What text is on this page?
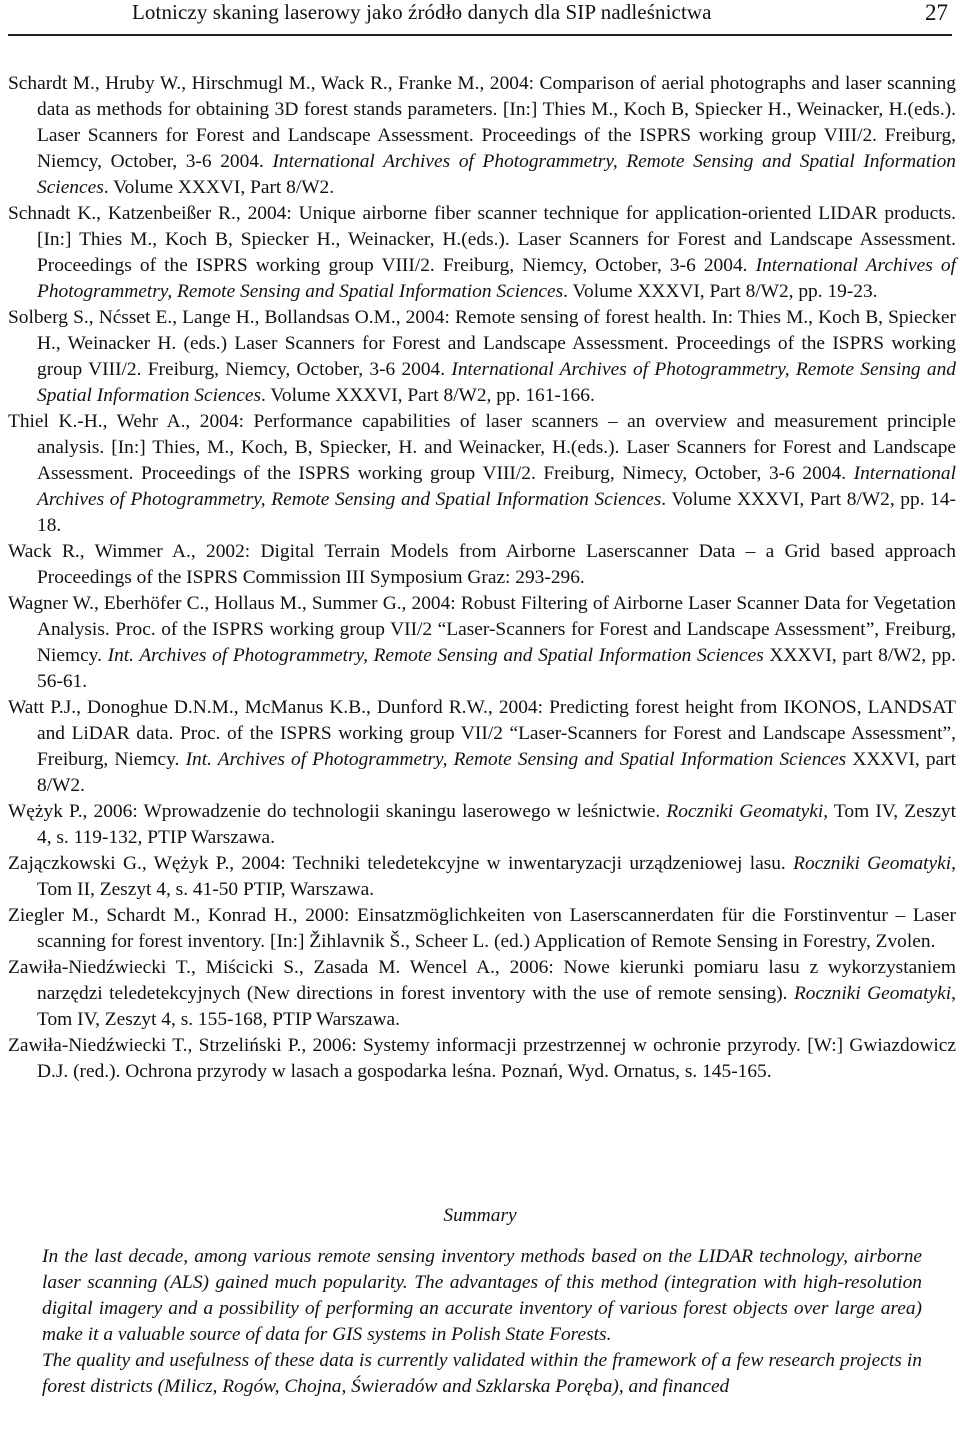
Lotniczy skaning laserowy jako źródło danych dla SIP nadleśnictwa	27
Schardt M., Hruby W., Hirschmugl M., Wack R., Franke M., 2004: Comparison of aerial photographs and laser scanning data as methods for obtaining 3D forest stands parameters. [In:] Thies M., Koch B, Spiecker H., Weinacker, H.(eds.). Laser Scanners for Forest and Landscape Assessment. Proceedings of the ISPRS working group VIII/2. Freiburg, Niemcy, October, 3-6 2004. International Archives of Photogrammetry, Remote Sensing and Spatial Information Sciences. Volume XXXVI, Part 8/W2.
Schnadt K., Katzenbeißer R., 2004: Unique airborne fiber scanner technique for application-oriented LIDAR products. [In:] Thies M., Koch B, Spiecker H., Weinacker, H.(eds.). Laser Scanners for Forest and Landscape Assessment. Proceedings of the ISPRS working group VIII/2. Freiburg, Niemcy, October, 3-6 2004. International Archives of Photogrammetry, Remote Sensing and Spatial Information Sciences. Volume XXXVI, Part 8/W2, pp. 19-23.
Solberg S., Nćsset E., Lange H., Bollandsas O.M., 2004: Remote sensing of forest health. In: Thies M., Koch B, Spiecker H., Weinacker H. (eds.) Laser Scanners for Forest and Landscape Assessment. Proceedings of the ISPRS working group VIII/2. Freiburg, Niemcy, October, 3-6 2004. International Archives of Photogrammetry, Remote Sensing and Spatial Information Sciences. Volume XXXVI, Part 8/W2, pp. 161-166.
Thiel K.-H., Wehr A., 2004: Performance capabilities of laser scanners – an overview and measurement principle analysis. [In:] Thies, M., Koch, B, Spiecker, H. and Weinacker, H.(eds.). Laser Scanners for Forest and Landscape Assessment. Proceedings of the ISPRS working group VIII/2. Freiburg, Nimecy, October, 3-6 2004. International Archives of Photogrammetry, Remote Sensing and Spatial Information Sciences. Volume XXXVI, Part 8/W2, pp. 14-18.
Wack R., Wimmer A., 2002: Digital Terrain Models from Airborne Laserscanner Data – a Grid based approach Proceedings of the ISPRS Commission III Symposium Graz: 293-296.
Wagner W., Eberhöfer C., Hollaus M., Summer G., 2004: Robust Filtering of Airborne Laser Scanner Data for Vegetation Analysis. Proc. of the ISPRS working group VII/2 “Laser-Scanners for Forest and Landscape Assessment”, Freiburg, Niemcy. Int. Archives of Photogrammetry, Remote Sensing and Spatial Information Sciences XXXVI, part 8/W2, pp. 56-61.
Watt P.J., Donoghue D.N.M., McManus K.B., Dunford R.W., 2004: Predicting forest height from IKONOS, LANDSAT and LiDAR data. Proc. of the ISPRS working group VII/2 “Laser-Scanners for Forest and Landscape Assessment”, Freiburg, Niemcy. Int. Archives of Photogrammetry, Remote Sensing and Spatial Information Sciences XXXVI, part 8/W2.
Wężyk P., 2006: Wprowadzenie do technologii skaningu laserowego w leśnictwie. Roczniki Geomatyki, Tom IV, Zeszyt 4, s. 119-132, PTIP Warszawa.
Zajączkowski G., Wężyk P., 2004: Techniki teledetekcyjne w inwentaryzacji urządzeniowej lasu. Roczniki Geomatyki, Tom II, Zeszyt 4, s. 41-50 PTIP, Warszawa.
Ziegler M., Schardt M., Konrad H., 2000: Einsatzmöglichkeiten von Laserscannerdaten für die Forstinventur – Laser scanning for forest inventory. [In:] Žihlavnik Š., Scheer L. (ed.) Application of Remote Sensing in Forestry, Zvolen.
Zawiła-Niedźwiecki T., Miścicki S., Zasada M. Wencel A., 2006: Nowe kierunki pomiaru lasu z wykorzystaniem narzędzi teledetekcyjnych (New directions in forest inventory with the use of remote sensing). Roczniki Geomatyki, Tom IV, Zeszyt 4, s. 155-168, PTIP Warszawa.
Zawiła-Niedźwiecki T., Strzeliński P., 2006: Systemy informacji przestrzennej w ochronie przyrody. [W:] Gwiazdowicz D.J. (red.). Ochrona przyrody w lasach a gospodarka leśna. Poznań, Wyd. Ornatus, s. 145-165.
Summary

In the last decade, among various remote sensing inventory methods based on the LIDAR technology, airborne laser scanning (ALS) gained much popularity. The advantages of this method (integration with high-resolution digital imagery and a possibility of performing an accurate inventory of various forest objects over large area) make it a valuable source of data for GIS systems in Polish State Forests.

The quality and usefulness of these data is currently validated within the framework of a few research projects in forest districts (Milicz, Rogów, Chojna, Świeradów and Szklarska Poręba), and financed
